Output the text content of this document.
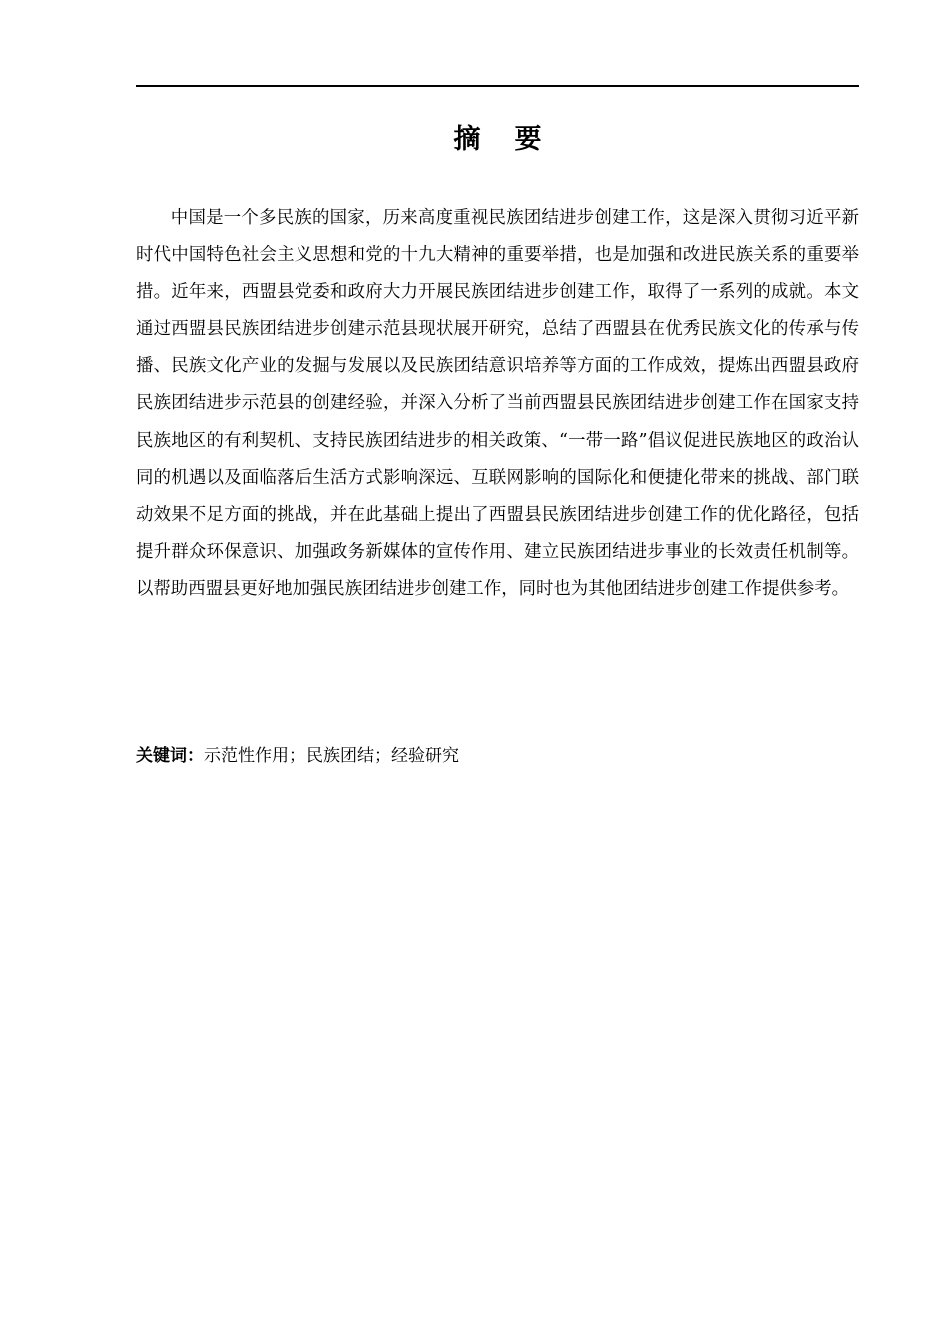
摘 要

中国是一个多民族的国家，历来高度重视民族团结进步创建工作，这是深入贯彻习近平新时代中国特色社会主义思想和党的十九大精神的重要举措，也是加强和改进民族关系的重要举措。近年来，西盟县党委和政府大力开展民族团结进步创建工作，取得了一系列的成就。本文通过西盟县民族团结进步创建示范县现状展开研究，总结了西盟县在优秀民族文化的传承与传播、民族文化产业的发掘与发展以及民族团结意识培养等方面的工作成效，提炼出西盟县政府民族团结进步示范县的创建经验，并深入分析了当前西盟县民族团结进步创建工作在国家支持民族地区的有利契机、支持民族团结进步的相关政策、“一带一路”倡议促进民族地区的政治认同的机遇以及面临落后生活方式影响深远、互联网影响的国际化和便捷化带来的挑战、部门联动效果不足方面的挑战，并在此基础上提出了西盟县民族团结进步创建工作的优化路径，包括提升群众环保意识、加强政务新媒体的宣传作用、建立民族团结进步事业的长效责任机制等。以帮助西盟县更好地加强民族团结进步创建工作，同时也为其他团结进步创建工作提供参考。

关键词：示范性作用；民族团结；经验研究
